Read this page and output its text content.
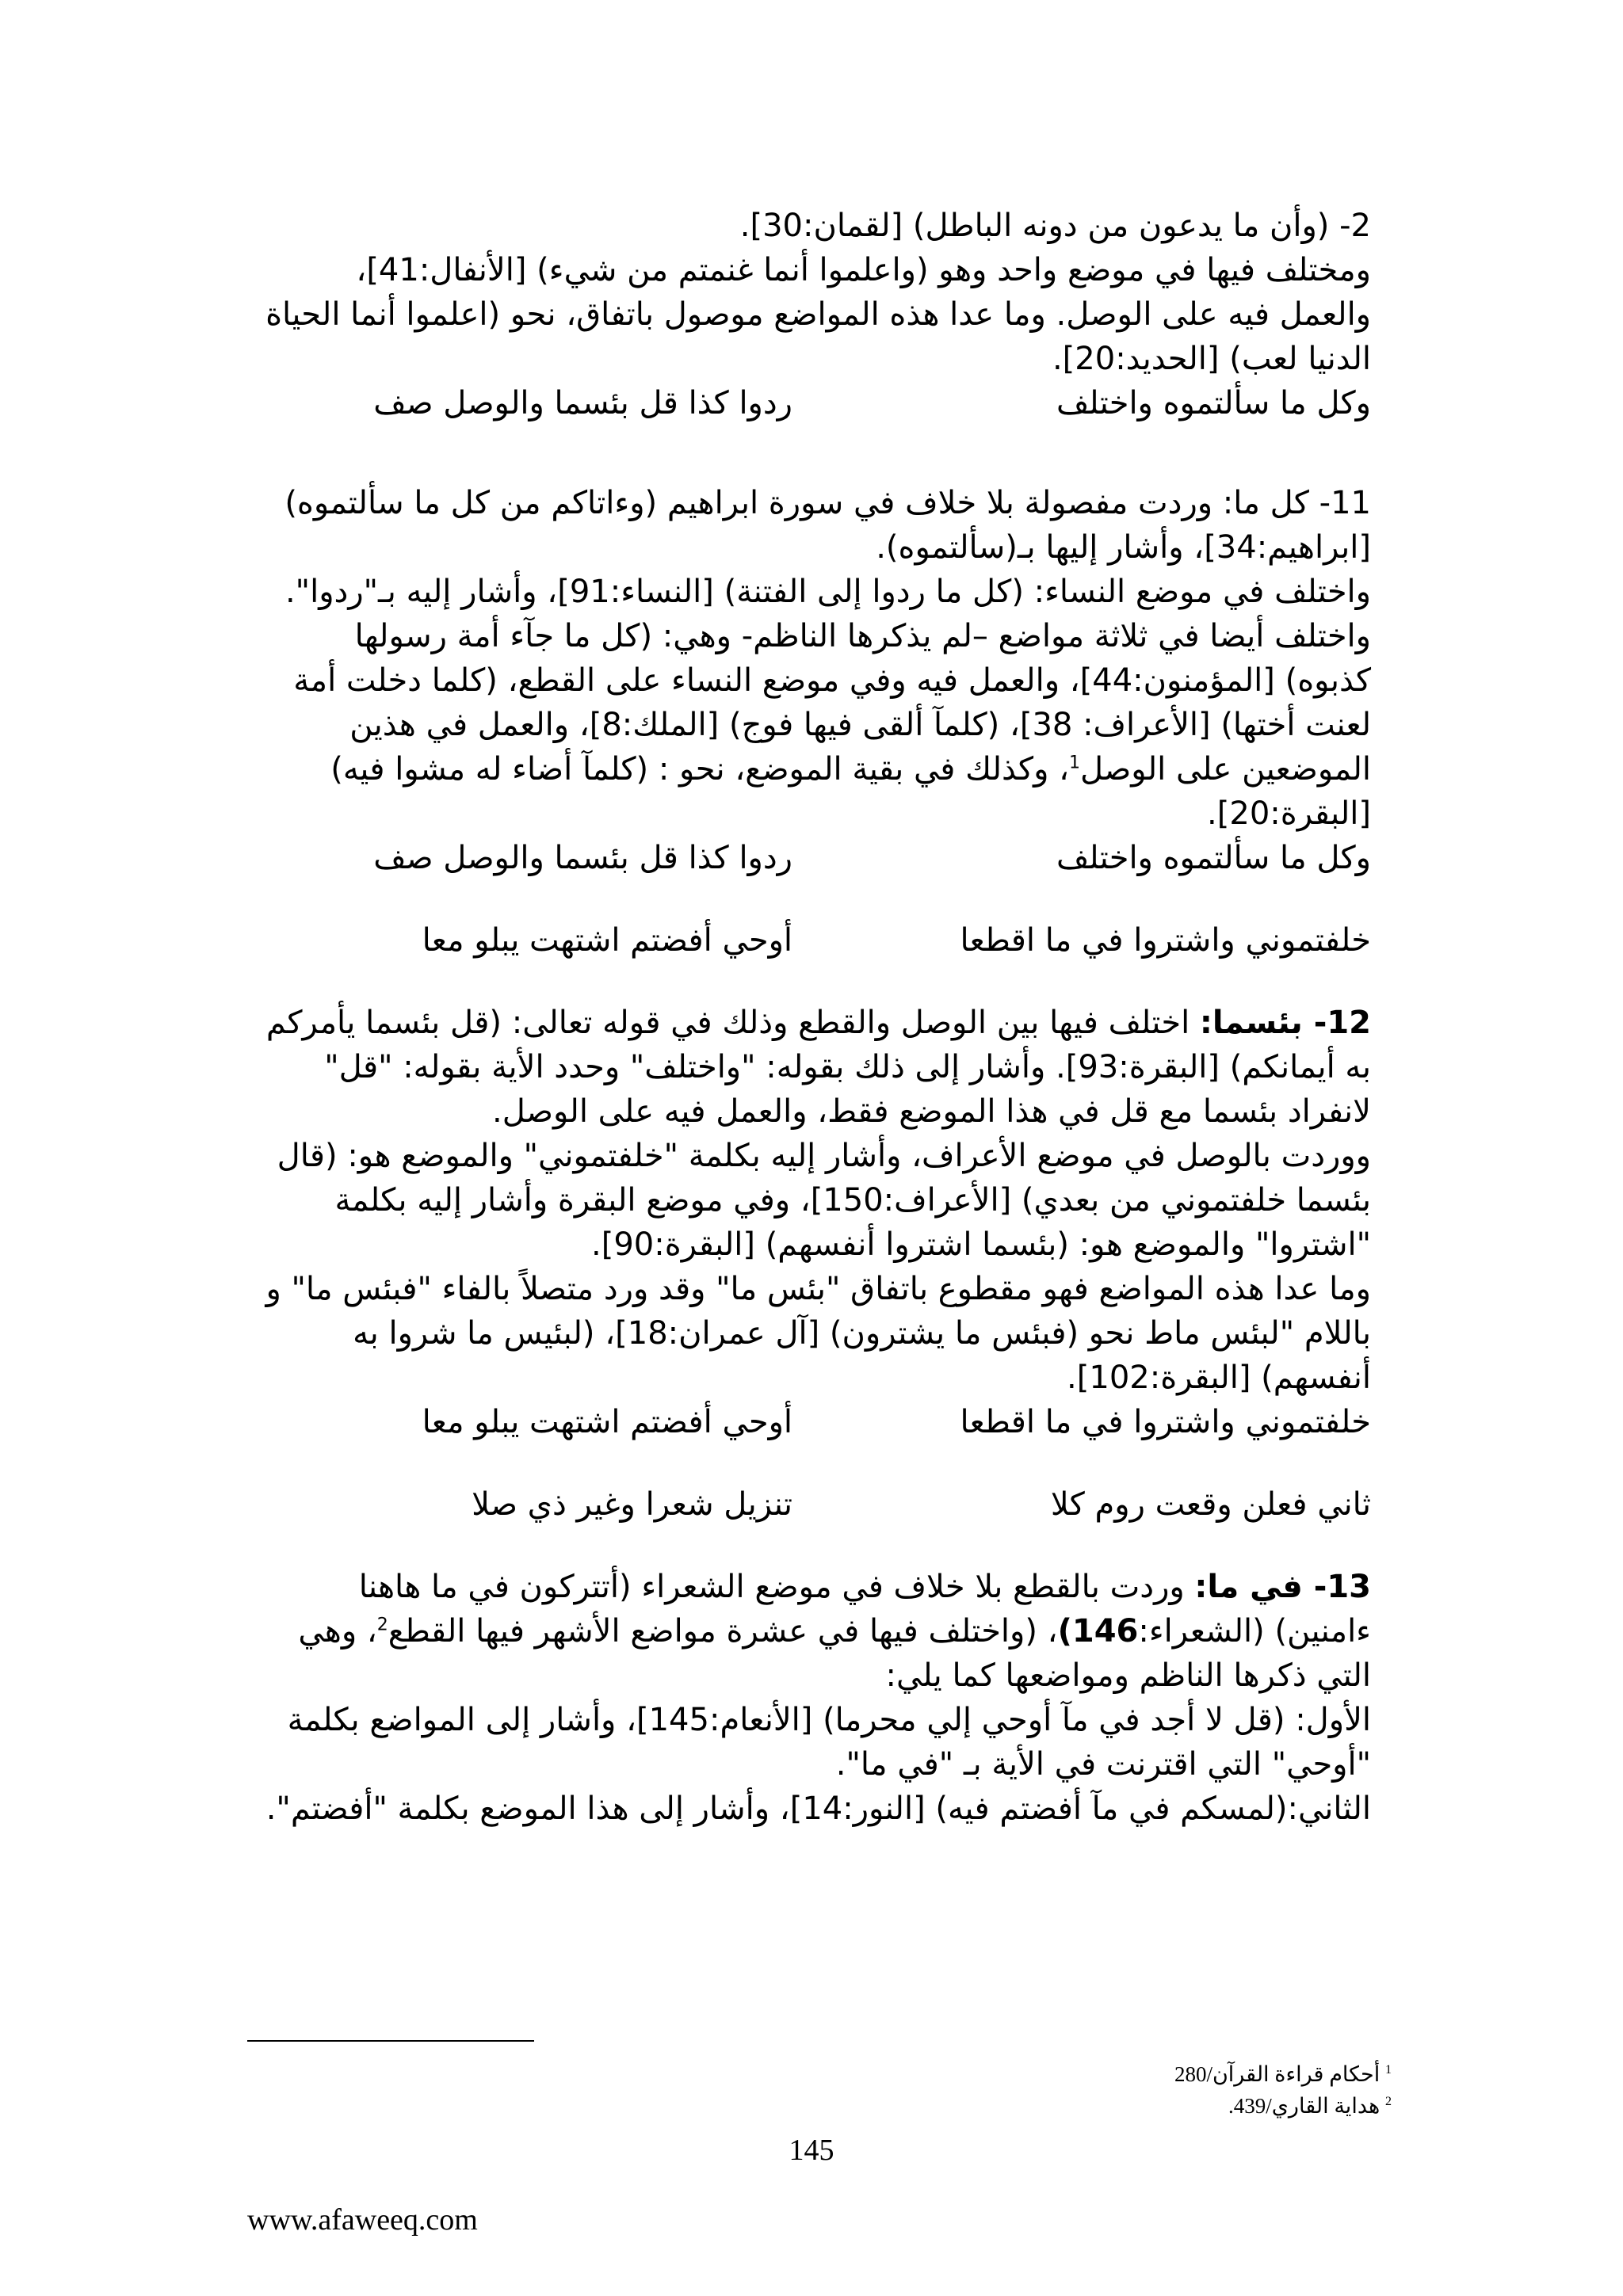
2- (وأن ما يدعون من دونه الباطل) [لقمان:30].

ومختلف فيها في موضع واحد وهو (واعلموا أنما غنمتم من شيء) [الأنفال:41]، والعمل فيه على الوصل. وما عدا هذه المواضع موصول باتفاق، نحو (اعلموا أنما الحياة الدنيا لعب) [الحديد:20].

وكل ما سألتموه واختلف
ردوا كذا قل بئسما والوصل صف

11- كل ما: وردت مفصولة بلا خلاف في سورة ابراهيم (وءاتاكم من كل ما سألتموه) [ابراهيم:34]، وأشار إليها بـ(سألتموه).

واختلف في موضع النساء: (كل ما ردوا إلى الفتنة) [النساء:91]، وأشار إليه بـ"ردوا".

واختلف أيضا في ثلاثة مواضع –لم يذكرها الناظم- وهي: (كل ما جآء أمة رسولها كذبوه) [المؤمنون:44]، والعمل فيه وفي موضع النساء على القطع، (كلما دخلت أمة لعنت أختها) [الأعراف: 38]، (كلمآ ألقى فيها فوج) [الملك:8]، والعمل في هذين الموضعين على الوصل$^1$، وكذلك في بقية الموضع، نحو : (كلمآ أضاء له مشوا فيه) [البقرة:20].

وكل ما سألتموه واختلف
ردوا كذا قل بئسما والوصل صف
خلفتموني واشتروا في ما اقطعا
أوحي أفضتم اشتهت يبلو معا

12- بئسما: اختلف فيها بين الوصل والقطع وذلك في قوله تعالى: (قل بئسما يأمركم به أيمانكم) [البقرة:93]. وأشار إلى ذلك بقوله: "واختلف" وحدد الأية بقوله: "قل" لانفراد بئسما مع قل في هذا الموضع فقط، والعمل فيه على الوصل.

ووردت بالوصل في موضع الأعراف، وأشار إليه بكلمة "خلفتموني" والموضع هو: (قال بئسما خلفتموني من بعدي) [الأعراف:150]، وفي موضع البقرة وأشار إليه بكلمة "اشتروا" والموضع هو: (بئسما اشتروا أنفسهم) [البقرة:90].

وما عدا هذه المواضع فهو مقطوع باتفاق "بئس ما" وقد ورد متصلاً بالفاء "فبئس ما" و باللام "لبئس ماط نحو (فبئس ما يشترون) [آل عمران:18]، (لبئيس ما شروا به أنفسهم) [البقرة:102].

خلفتموني واشتروا في ما اقطعا
أوحي أفضتم اشتهت يبلو معا
ثاني فعلن وقعت روم كلا
تنزيل شعرا وغير ذي صلا

13- في ما: وردت بالقطع بلا خلاف في موضع الشعراء (أتتركون في ما هاهنا ءامنين) (الشعراء:146)، (واختلف فيها في عشرة مواضع الأشهر فيها القطع$^2$، وهي التي ذكرها الناظم ومواضعها كما يلي:

الأول: (قل لا أجد في مآ أوحي إلي محرما) [الأنعام:145]، وأشار إلى المواضع بكلمة "أوحي" التي اقترنت في الأية بـ "في ما".

الثاني:(لمسكم في مآ أفضتم فيه) [النور:14]، وأشار إلى هذا الموضع بكلمة "أفضتم".

$^1$ أحكام قراءة القرآن/280
$^2$ هداية القاري/439.
145
www.afaweeq.com
